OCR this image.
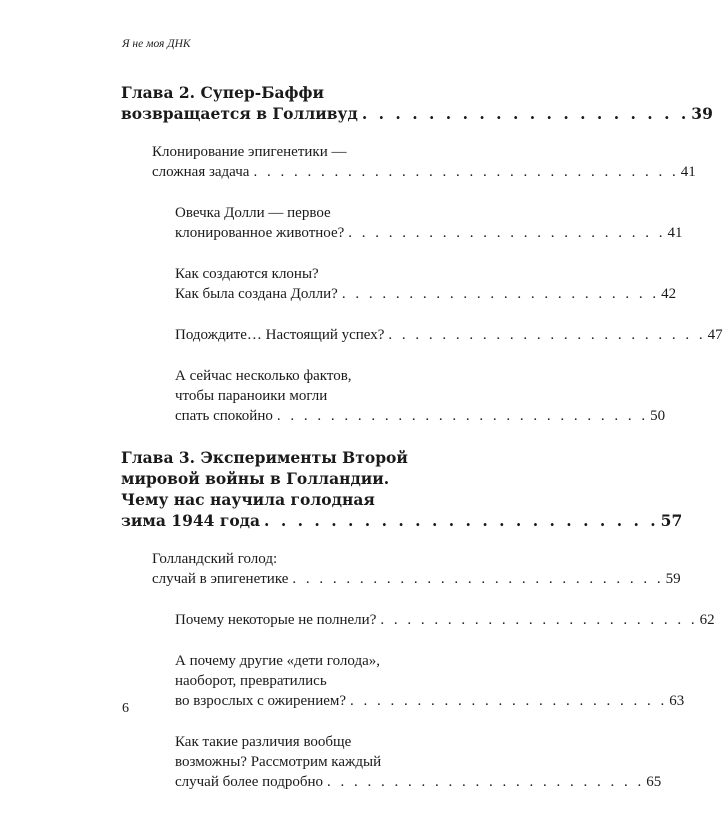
Я не моя ДНК
Глава 2. Супер-Баффи
возвращается в Голливуд . . . . . . . . . . . . . . . . . . . . 39
Клонирование эпигенетики —
сложная задача . . . . . . . . . . . . . . . . . . . . . . . . . . . . . . . . 41
Овечка Долли — первое
клонированное животное? . . . . . . . . . . . . . . . . . . . . . . . . 41
Как создаются клоны?
Как была создана Долли? . . . . . . . . . . . . . . . . . . . . . . . . 42
Подождите… Настоящий успех? . . . . . . . . . . . . . . . . . . . . . . . . 47
А сейчас несколько фактов,
чтобы параноики могли
спать спокойно . . . . . . . . . . . . . . . . . . . . . . . . . . . . 50
Глава 3. Эксперименты Второй
мировой войны в Голландии.
Чему нас научила голодная
зима 1944 года . . . . . . . . . . . . . . . . . . . . . . . . 57
Голландский голод:
случай в эпигенетике . . . . . . . . . . . . . . . . . . . . . . . . . . . . 59
Почему некоторые не полнели? . . . . . . . . . . . . . . . . . . . . . . . . 62
А почему другие «дети голода»,
наоборот, превратились
во взрослых с ожирением? . . . . . . . . . . . . . . . . . . . . . . . . 63
Как такие различия вообще
возможны? Рассмотрим каждый
случай более подробно . . . . . . . . . . . . . . . . . . . . . . . . 65
6
